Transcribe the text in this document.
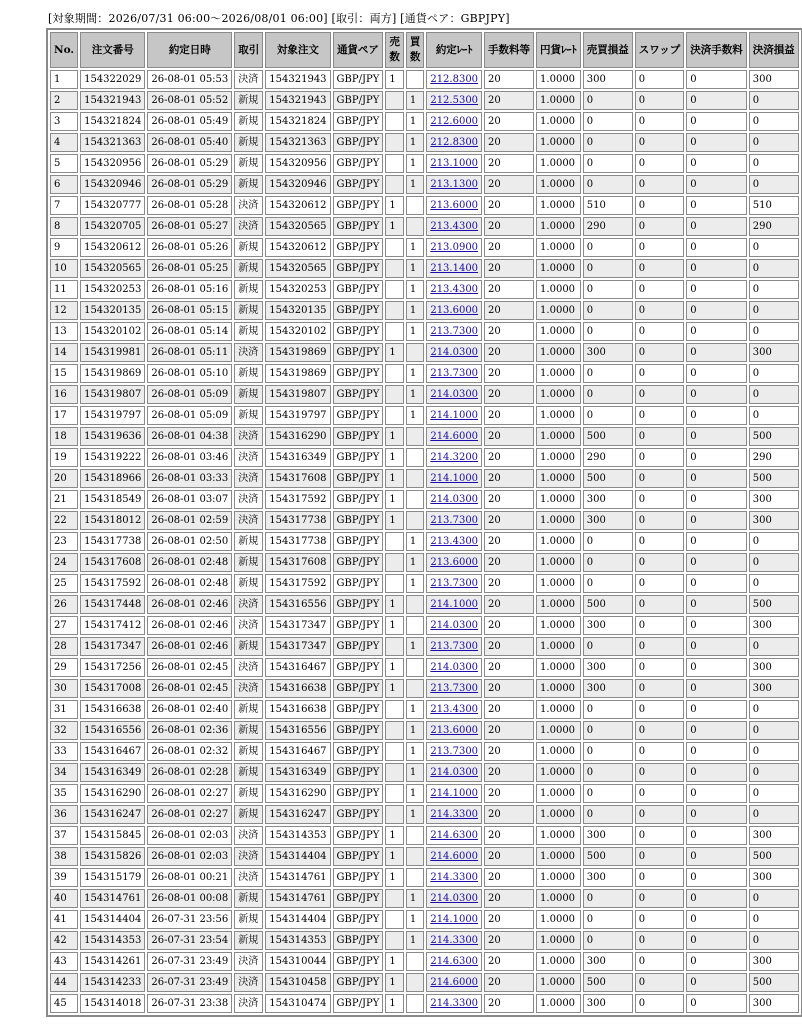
[対象期間：2026/07/31 06:00〜2026/08/01 06:00] [取引：両方] [通貨ペア：GBPJPY]
No.	注文番号	約定日時	取引	対象注文	通貨ペア	売数	買数	約定ﾚｰﾄ	手数料等	円貨ﾚｰﾄ	売買損益	スワップ	決済手数料	決済損益
1	154322029	26-08-01 05:53	決済	154321943	GBP/JPY	1		212.8300	20	1.0000	300	0	0	300
2	154321943	26-08-01 05:52	新規	154321943	GBP/JPY		1	212.5300	20	1.0000	0	0	0	0
3	154321824	26-08-01 05:49	新規	154321824	GBP/JPY		1	212.6000	20	1.0000	0	0	0	0
4	154321363	26-08-01 05:40	新規	154321363	GBP/JPY		1	212.8300	20	1.0000	0	0	0	0
5	154320956	26-08-01 05:29	新規	154320956	GBP/JPY		1	213.1000	20	1.0000	0	0	0	0
6	154320946	26-08-01 05:29	新規	154320946	GBP/JPY		1	213.1300	20	1.0000	0	0	0	0
7	154320777	26-08-01 05:28	決済	154320612	GBP/JPY	1		213.6000	20	1.0000	510	0	0	510
8	154320705	26-08-01 05:27	決済	154320565	GBP/JPY	1		213.4300	20	1.0000	290	0	0	290
9	154320612	26-08-01 05:26	新規	154320612	GBP/JPY		1	213.0900	20	1.0000	0	0	0	0
10	154320565	26-08-01 05:25	新規	154320565	GBP/JPY		1	213.1400	20	1.0000	0	0	0	0
11	154320253	26-08-01 05:16	新規	154320253	GBP/JPY		1	213.4300	20	1.0000	0	0	0	0
12	154320135	26-08-01 05:15	新規	154320135	GBP/JPY		1	213.6000	20	1.0000	0	0	0	0
13	154320102	26-08-01 05:14	新規	154320102	GBP/JPY		1	213.7300	20	1.0000	0	0	0	0
14	154319981	26-08-01 05:11	決済	154319869	GBP/JPY	1		214.0300	20	1.0000	300	0	0	300
15	154319869	26-08-01 05:10	新規	154319869	GBP/JPY		1	213.7300	20	1.0000	0	0	0	0
16	154319807	26-08-01 05:09	新規	154319807	GBP/JPY		1	214.0300	20	1.0000	0	0	0	0
17	154319797	26-08-01 05:09	新規	154319797	GBP/JPY		1	214.1000	20	1.0000	0	0	0	0
18	154319636	26-08-01 04:38	決済	154316290	GBP/JPY	1		214.6000	20	1.0000	500	0	0	500
19	154319222	26-08-01 03:46	決済	154316349	GBP/JPY	1		214.3200	20	1.0000	290	0	0	290
20	154318966	26-08-01 03:33	決済	154317608	GBP/JPY	1		214.1000	20	1.0000	500	0	0	500
21	154318549	26-08-01 03:07	決済	154317592	GBP/JPY	1		214.0300	20	1.0000	300	0	0	300
22	154318012	26-08-01 02:59	決済	154317738	GBP/JPY	1		213.7300	20	1.0000	300	0	0	300
23	154317738	26-08-01 02:50	新規	154317738	GBP/JPY		1	213.4300	20	1.0000	0	0	0	0
24	154317608	26-08-01 02:48	新規	154317608	GBP/JPY		1	213.6000	20	1.0000	0	0	0	0
25	154317592	26-08-01 02:48	新規	154317592	GBP/JPY		1	213.7300	20	1.0000	0	0	0	0
26	154317448	26-08-01 02:46	決済	154316556	GBP/JPY	1		214.1000	20	1.0000	500	0	0	500
27	154317412	26-08-01 02:46	決済	154317347	GBP/JPY	1		214.0300	20	1.0000	300	0	0	300
28	154317347	26-08-01 02:46	新規	154317347	GBP/JPY		1	213.7300	20	1.0000	0	0	0	0
29	154317256	26-08-01 02:45	決済	154316467	GBP/JPY	1		214.0300	20	1.0000	300	0	0	300
30	154317008	26-08-01 02:45	決済	154316638	GBP/JPY	1		213.7300	20	1.0000	300	0	0	300
31	154316638	26-08-01 02:40	新規	154316638	GBP/JPY		1	213.4300	20	1.0000	0	0	0	0
32	154316556	26-08-01 02:36	新規	154316556	GBP/JPY		1	213.6000	20	1.0000	0	0	0	0
33	154316467	26-08-01 02:32	新規	154316467	GBP/JPY		1	213.7300	20	1.0000	0	0	0	0
34	154316349	26-08-01 02:28	新規	154316349	GBP/JPY		1	214.0300	20	1.0000	0	0	0	0
35	154316290	26-08-01 02:27	新規	154316290	GBP/JPY		1	214.1000	20	1.0000	0	0	0	0
36	154316247	26-08-01 02:27	新規	154316247	GBP/JPY		1	214.3300	20	1.0000	0	0	0	0
37	154315845	26-08-01 02:03	決済	154314353	GBP/JPY	1		214.6300	20	1.0000	300	0	0	300
38	154315826	26-08-01 02:03	決済	154314404	GBP/JPY	1		214.6000	20	1.0000	500	0	0	500
39	154315179	26-08-01 00:21	決済	154314761	GBP/JPY	1		214.3300	20	1.0000	300	0	0	300
40	154314761	26-08-01 00:08	新規	154314761	GBP/JPY		1	214.0300	20	1.0000	0	0	0	0
41	154314404	26-07-31 23:56	新規	154314404	GBP/JPY		1	214.1000	20	1.0000	0	0	0	0
42	154314353	26-07-31 23:54	新規	154314353	GBP/JPY		1	214.3300	20	1.0000	0	0	0	0
43	154314261	26-07-31 23:49	決済	154310044	GBP/JPY	1		214.6300	20	1.0000	300	0	0	300
44	154314233	26-07-31 23:49	決済	154310458	GBP/JPY	1		214.6000	20	1.0000	500	0	0	500
45	154314018	26-07-31 23:38	決済	154310474	GBP/JPY	1		214.3300	20	1.0000	300	0	0	300
